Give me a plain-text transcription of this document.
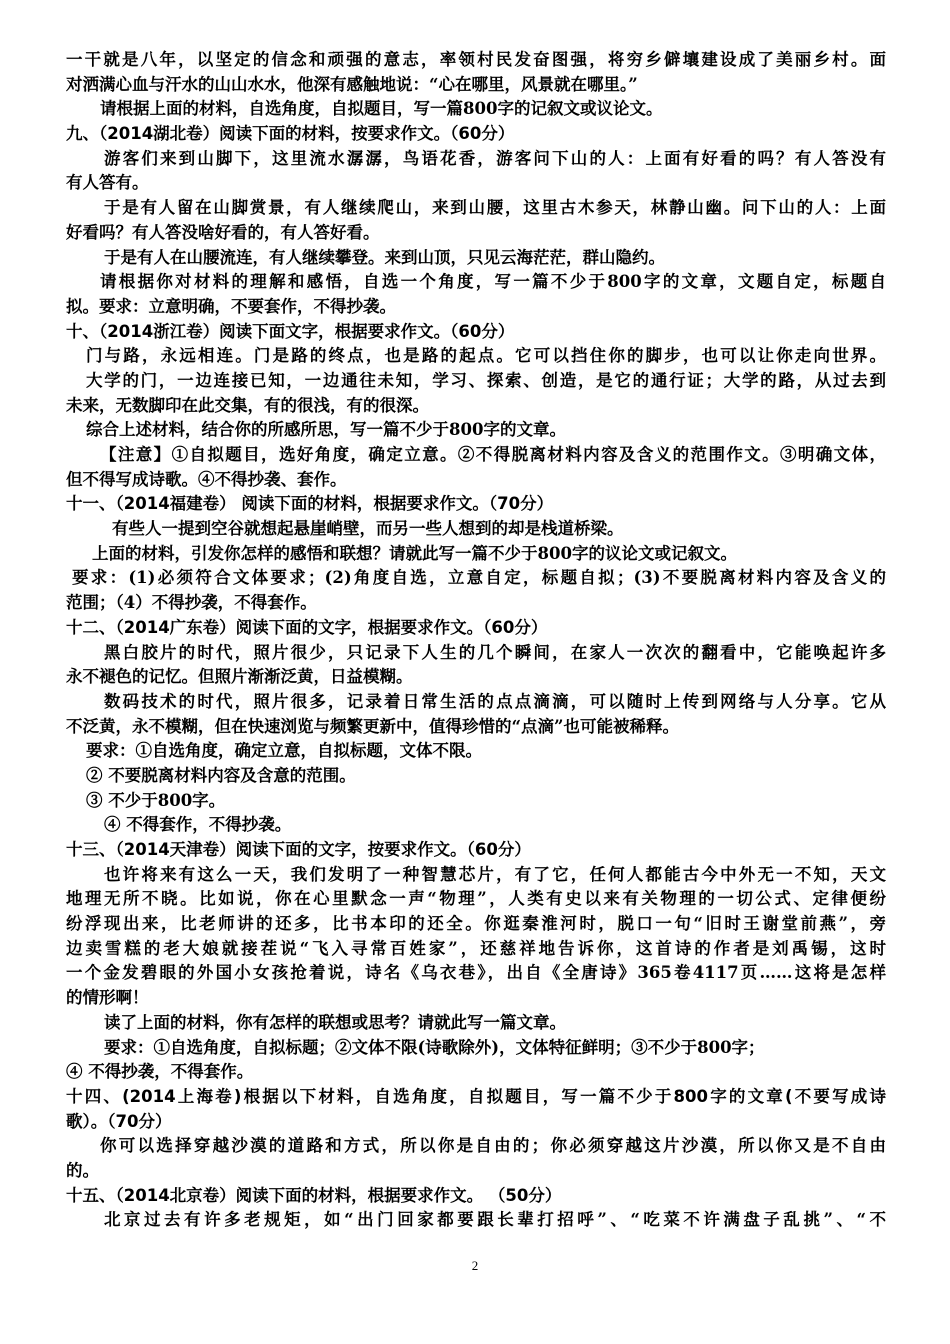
一干就是八年，以坚定的信念和顽强的意志，率领村民发奋图强，将穷乡僻壤建设成了美丽乡村。面
对洒满心血与汗水的山山水水，他深有感触地说：“心在哪里，风景就在哪里。”
请根据上面的材料，自选角度，自拟题目，写一篇800字的记叙文或议论文。
九、（2014湖北卷）阅读下面的材料，按要求作文。（60分）
游客们来到山脚下，这里流水潺潺，鸟语花香，游客问下山的人：上面有好看的吗？有人答没有
有人答有。
于是有人留在山脚赏景，有人继续爬山，来到山腰，这里古木参天，林静山幽。问下山的人：上面
好看吗？有人答没啥好看的，有人答好看。
于是有人在山腰流连，有人继续攀登。来到山顶，只见云海茫茫，群山隐约。
请根据你对材料的理解和感悟，自选一个角度，写一篇不少于800字的文章，文题自定，标题自
拟。要求：立意明确，不要套作，不得抄袭。
十、（2014浙江卷）阅读下面文字，根据要求作文。（60分）
门与路，永远相连。门是路的终点，也是路的起点。它可以挡住你的脚步，也可以让你走向世界。
大学的门，一边连接已知，一边通往未知，学习、探索、创造，是它的通行证；大学的路，从过去到
未来，无数脚印在此交集，有的很浅，有的很深。
综合上述材料，结合你的所感所思，写一篇不少于800字的文章。
【注意】①自拟题目，选好角度，确定立意。②不得脱离材料内容及含义的范围作文。③明确文体，
但不得写成诗歌。④不得抄袭、套作。
十一、（2014福建卷） 阅读下面的材料，根据要求作文。（70分）
有些人一提到空谷就想起悬崖峭壁，而另一些人想到的却是栈道桥梁。
上面的材料，引发你怎样的感悟和联想？请就此写一篇不少于800字的议论文或记叙文。
要求：(1)必须符合文体要求；(2)角度自选，立意自定，标题自拟；(3)不要脱离材料内容及含义的
范围；（4）不得抄袭，不得套作。
十二、（2014广东卷）阅读下面的文字，根据要求作文。（60分）
黑白胶片的时代，照片很少，只记录下人生的几个瞬间，在家人一次次的翻看中，它能唤起许多
永不褪色的记忆。但照片渐渐泛黄，日益模糊。
数码技术的时代，照片很多，记录着日常生活的点点滴滴，可以随时上传到网络与人分享。它从
不泛黄，永不模糊，但在快速浏览与频繁更新中，值得珍惜的“点滴”也可能被稀释。
要求：①自选角度，确定立意，自拟标题，文体不限。
② 不要脱离材料内容及含意的范围。
③ 不少于800字。
④ 不得套作，不得抄袭。
十三、（2014天津卷）阅读下面的文字，按要求作文。（60分）
也许将来有这么一天，我们发明了一种智慧芯片，有了它，任何人都能古今中外无一不知，天文
地理无所不晓。比如说，你在心里默念一声“物理”，人类有史以来有关物理的一切公式、定律便纷
纷浮现出来，比老师讲的还多，比书本印的还全。你逛秦淮河时，脱口一句“旧时王谢堂前燕”，旁
边卖雪糕的老大娘就接茬说“飞入寻常百姓家”，还慈祥地告诉你，这首诗的作者是刘禹锡，这时
一个金发碧眼的外国小女孩抢着说，诗名《乌衣巷》，出自《全唐诗》365卷4117页……这将是怎样
的情形啊！
读了上面的材料，你有怎样的联想或思考？请就此写一篇文章。
要求：①自选角度，自拟标题；②文体不限(诗歌除外)，文体特征鲜明；③不少于800字；
④ 不得抄袭，不得套作。
十四、(2014上海卷)根据以下材料，自选角度，自拟题目，写一篇不少于800字的文章(不要写成诗
歌）。（70分）
你可以选择穿越沙漠的道路和方式，所以你是自由的；你必须穿越这片沙漠，所以你又是不自由
的。
十五、（2014北京卷）阅读下面的材料，根据要求作文。 （50分）
北京过去有许多老规矩，如“出门回家都要跟长辈打招呼”、“吃菜不许满盘子乱挑”、“不
2
